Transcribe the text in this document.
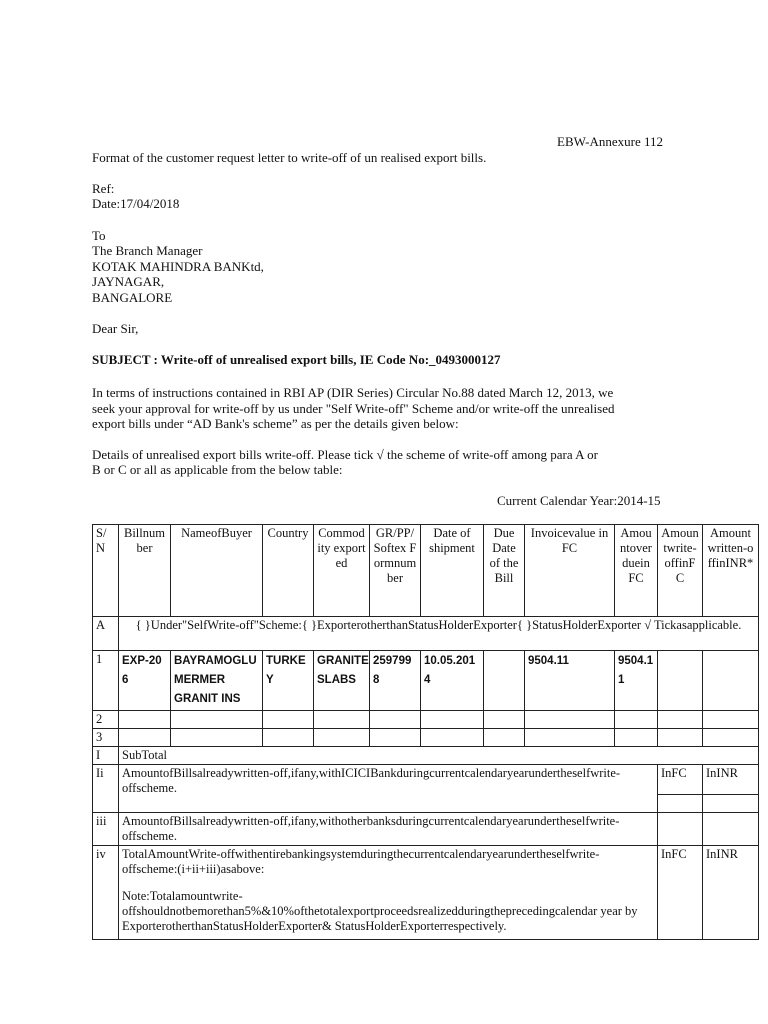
EBW-Annexure 112
Format of the customer request letter to write-off of un realised export bills.
Ref:
Date:17/04/2018
To
The Branch Manager
KOTAK MAHINDRA BANKtd,
JAYNAGAR,
BANGALORE
Dear Sir,
SUBJECT : Write-off of unrealised export bills, IE Code No:_0493000127
In terms of instructions contained in RBI AP (DIR Series) Circular No.88 dated March 12, 2013, we
seek your approval for write-off by us under "Self Write-off" Scheme and/or write-off the unrealised
export bills under “AD Bank's scheme” as per the details given below:
Details of unrealised export bills write-off. Please tick √ the scheme of write-off among para A or
B or C or all as applicable from the below table:
Current Calendar Year:2014-15
S/N	Billnumber	NameofBuyer	Country	Commodity exported	GR/PP/ Softex Formnumber	Date of shipment	Due Date of the Bill	Invoicevalue in FC	Amountoverduein FC	Amountwrite-offinFC	Amountwritten-offinINR*
A	{ }Under"SelfWrite-off"Scheme:{ }ExporterotherthanStatusHolderExporter{ }StatusHolderExporter √ Tickasapplicable.										
1	EXP-206	BAYRAMOGLU MERMER GRANIT INS	TURKEY	GRANITE SLABS	2597998	10.05.2014		9504.11	9504.11		
2											
3											
I	SubTotal										
Ii	AmountofBillsalreadywritten-off,ifany,withICICIBankduringcurrentcalendaryearundertheselfwrite-offscheme.									InFC	InINR

iii	AmountofBillsalreadywritten-off,ifany,withotherbanksduringcurrentcalendaryearundertheselfwrite-offscheme.										
iv	TotalAmountWrite-offwithentirebankingsystemduringthecurrentcalendaryearundertheselfwrite-offscheme:(i+ii+iii)asabove:
Note:Totalamountwrite-offshouldnotbemorethan5%&10%ofthetotalexportproceedsrealizedduringtheprecedingcalendar year by ExporterotherthanStatusHolderExporter& StatusHolderExporterrespectively.									InFC	InINR
